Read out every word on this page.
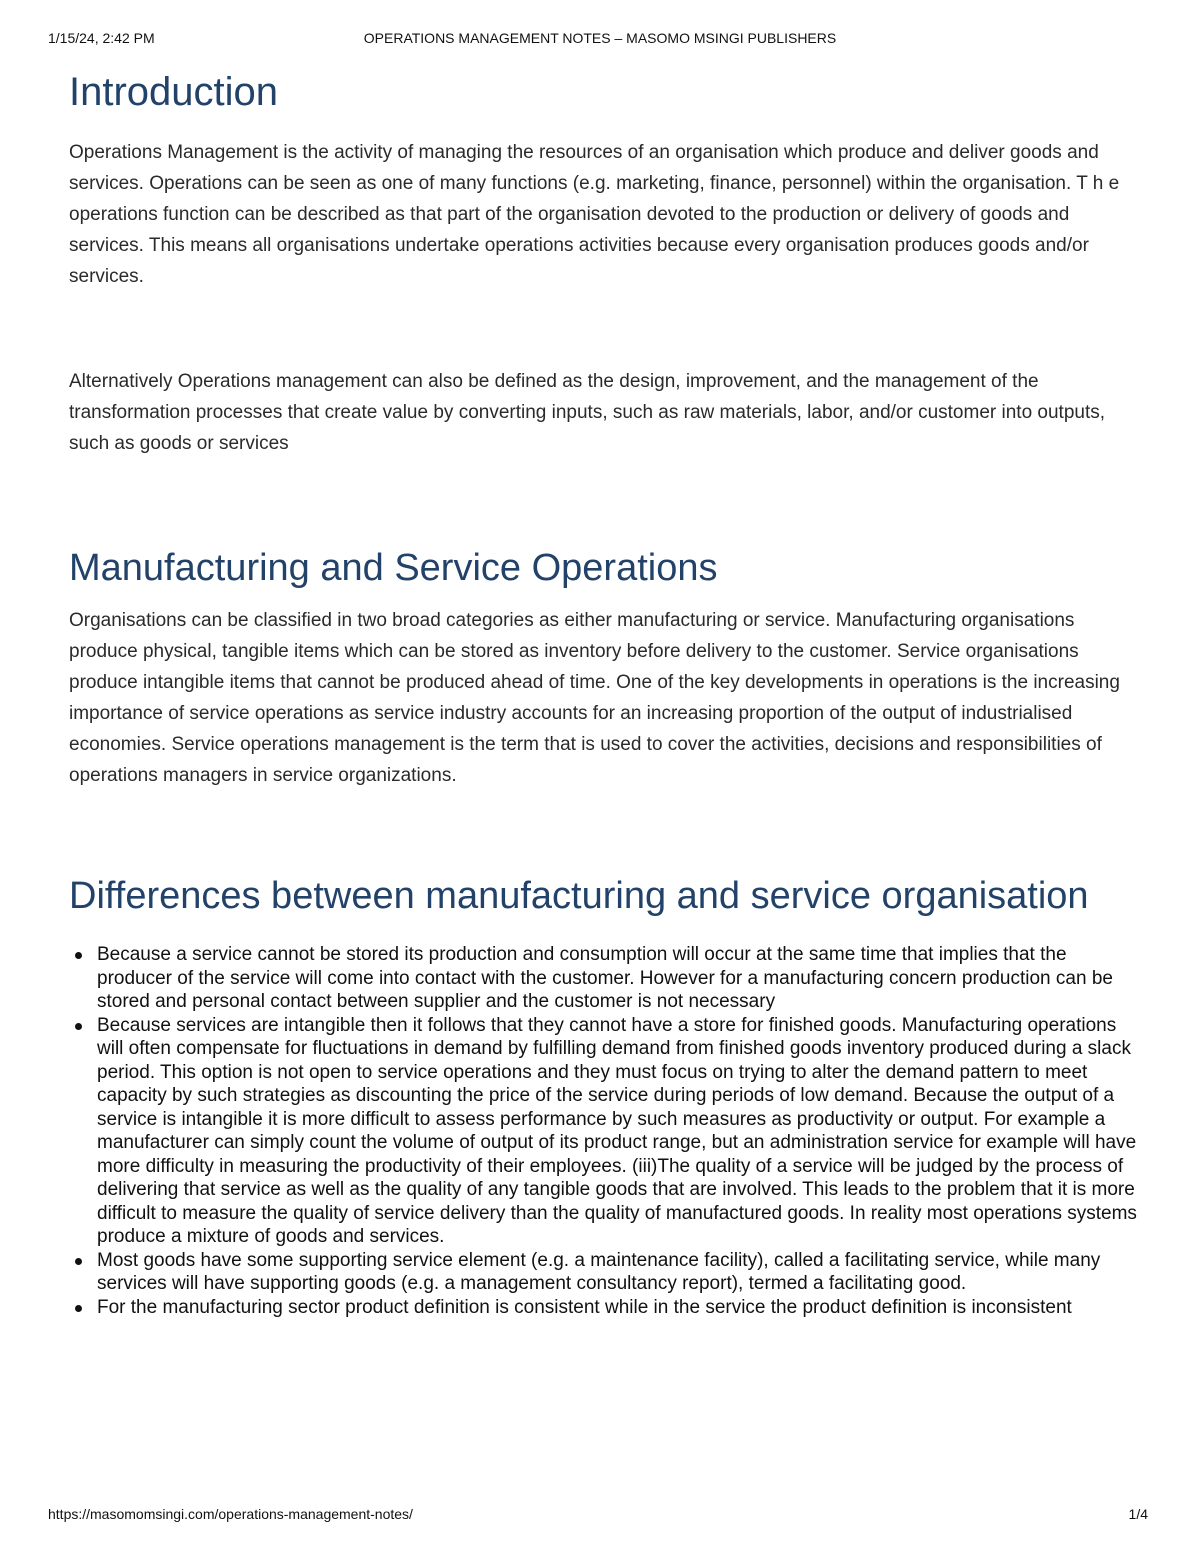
1/15/24, 2:42 PM	OPERATIONS MANAGEMENT NOTES – MASOMO MSINGI PUBLISHERS
Introduction

Operations Management is the activity of managing the resources of an organisation which produce and deliver goods and services. Operations can be seen as one of many functions (e.g. marketing, finance, personnel) within the organisation. T h e operations function can be described as that part of the organisation devoted to the production or delivery of goods and services. This means all organisations undertake operations activities because every organisation produces goods and/or services.

Alternatively Operations management can also be defined as the design, improvement, and the management of the transformation processes that create value by converting inputs, such as raw materials, labor, and/or customer into outputs, such as goods or services

Manufacturing and Service Operations

Organisations can be classified in two broad categories as either manufacturing or service. Manufacturing organisations produce physical, tangible items which can be stored as inventory before delivery to the customer. Service organisations produce intangible items that cannot be produced ahead of time. One of the key developments in operations is the increasing importance of service operations as service industry accounts for an increasing proportion of the output of industrialised economies. Service operations management is the term that is used to cover the activities, decisions and responsibilities of operations managers in service organizations.

Differences between manufacturing and service organisation
Because a service cannot be stored its production and consumption will occur at the same time that implies that the producer of the service will come into contact with the customer. However for a manufacturing concern production can be stored and personal contact between supplier and the customer is not necessary
Because services are intangible then it follows that they cannot have a store for finished goods. Manufacturing operations will often compensate for fluctuations in demand by fulfilling demand from finished goods inventory produced during a slack period. This option is not open to service operations and they must focus on trying to alter the demand pattern to meet capacity by such strategies as discounting the price of the service during periods of low demand. Because the output of a service is intangible it is more difficult to assess performance by such measures as productivity or output. For example a manufacturer can simply count the volume of output of its product range, but an administration service for example will have more difficulty in measuring the productivity of their employees. (iii)The quality of a service will be judged by the process of delivering that service as well as the quality of any tangible goods that are involved. This leads to the problem that it is more difficult to measure the quality of service delivery than the quality of manufactured goods. In reality most operations systems produce a mixture of goods and services.
Most goods have some supporting service element (e.g. a maintenance facility), called a facilitating service, while many services will have supporting goods (e.g. a management consultancy report), termed a facilitating good.
For the manufacturing sector product definition is consistent while in the service the product definition is inconsistent
https://masomomsingi.com/operations-management-notes/	1/4
